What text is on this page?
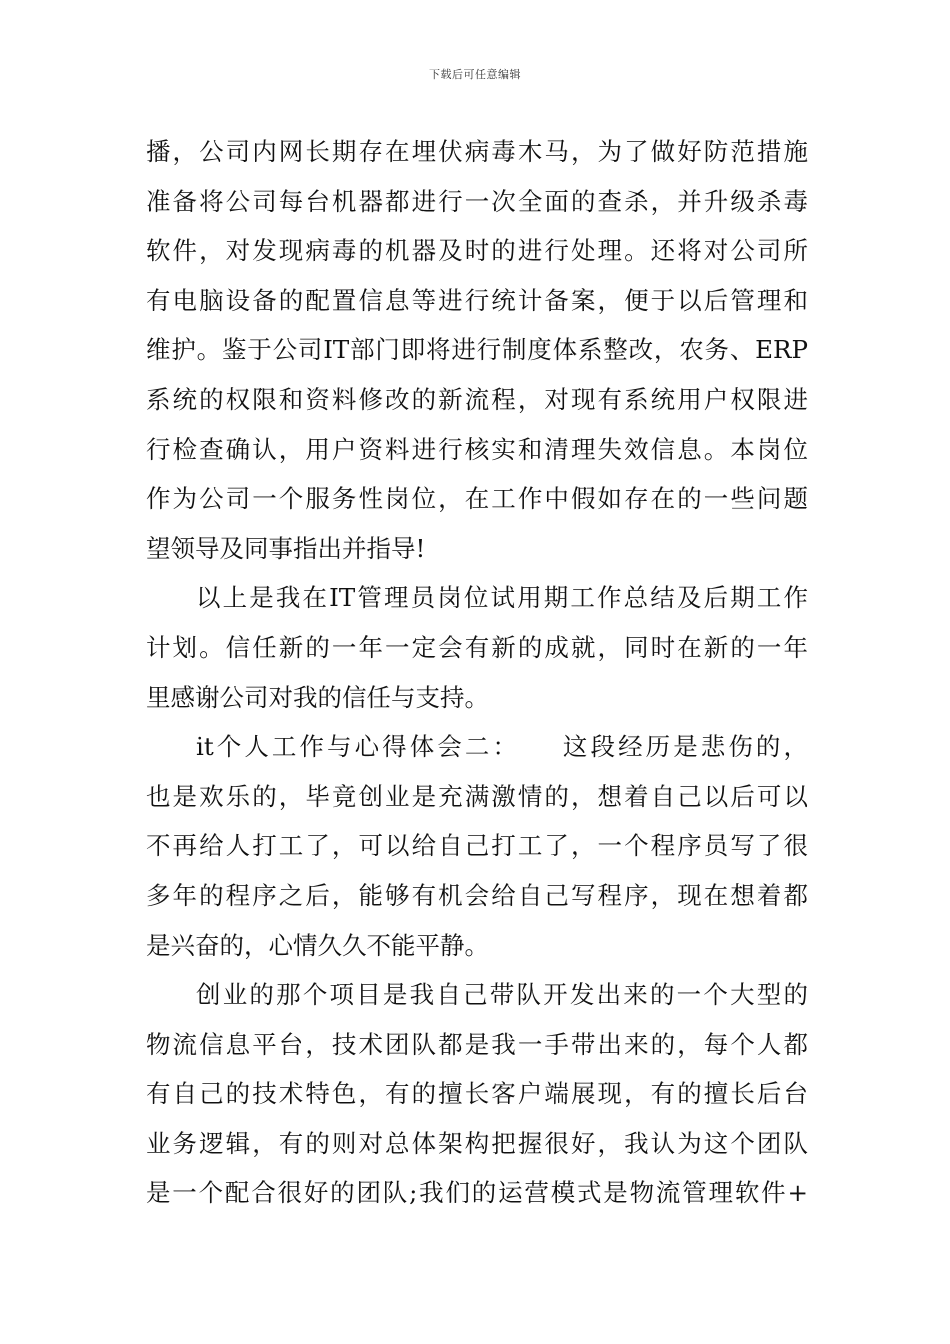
下载后可任意编辑
播，公司内网长期存在埋伏病毒木马，为了做好防范措施
准备将公司每台机器都进行一次全面的查杀，并升级杀毒
软件，对发现病毒的机器及时的进行处理。还将对公司所
有电脑设备的配置信息等进行统计备案，便于以后管理和
维护。鉴于公司IT部门即将进行制度体系整改，农务、ERP
系统的权限和资料修改的新流程，对现有系统用户权限进
行检查确认，用户资料进行核实和清理失效信息。本岗位
作为公司一个服务性岗位，在工作中假如存在的一些问题
望领导及同事指出并指导!
以上是我在IT管理员岗位试用期工作总结及后期工作
计划。信任新的一年一定会有新的成就，同时在新的一年
里感谢公司对我的信任与支持。
it个人工作与心得体会二：　　这段经历是悲伤的，
也是欢乐的，毕竟创业是充满激情的，想着自己以后可以
不再给人打工了，可以给自己打工了，一个程序员写了很
多年的程序之后，能够有机会给自己写程序，现在想着都
是兴奋的，心情久久不能平静。
创业的那个项目是我自己带队开发出来的一个大型的
物流信息平台，技术团队都是我一手带出来的，每个人都
有自己的技术特色，有的擅长客户端展现，有的擅长后台
业务逻辑，有的则对总体架构把握很好，我认为这个团队
是一个配合很好的团队;我们的运营模式是物流管理软件+
